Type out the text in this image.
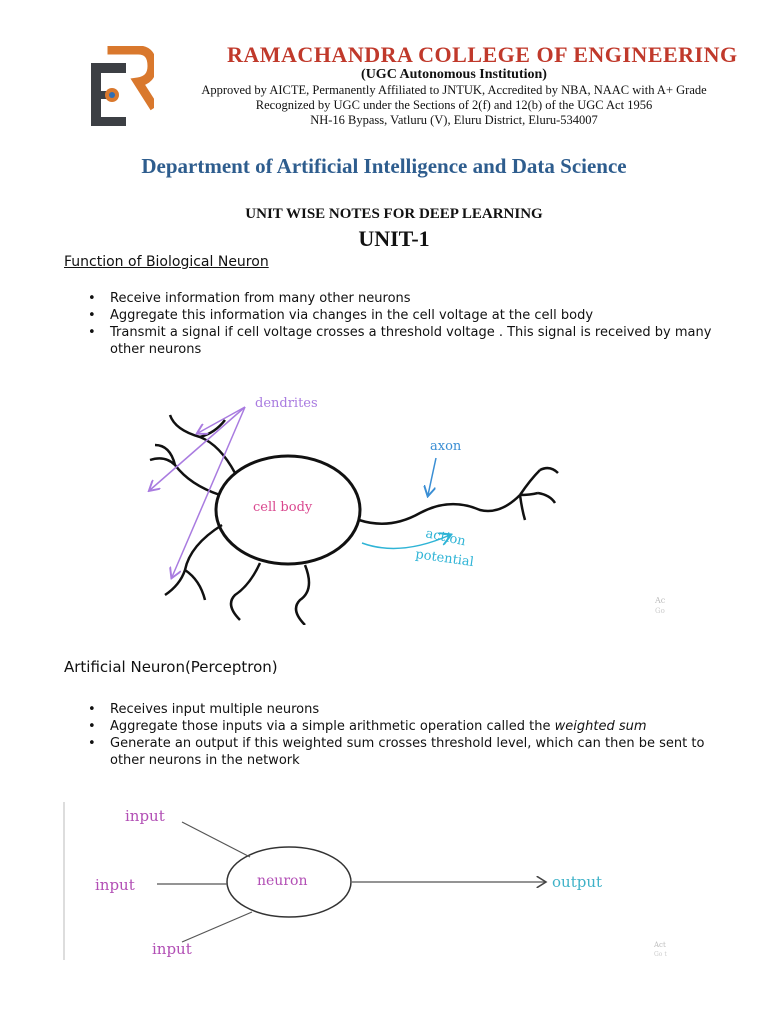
RAMACHANDRA COLLEGE OF ENGINEERING
(UGC Autonomous Institution)
Approved by AICTE, Permanently Affiliated to JNTUK, Accredited by NBA, NAAC with A+ Grade
Recognized by UGC under the Sections of 2(f) and 12(b) of the UGC Act 1956
NH-16 Bypass, Vatluru (V), Eluru District, Eluru-534007
Department of Artificial Intelligence and Data Science
UNIT WISE NOTES FOR DEEP LEARNING
UNIT-1
Function of Biological Neuron
• Receive information from many other neurons
• Aggregate this information via changes in the cell voltage at the cell body
• Transmit a signal if cell voltage crosses a threshold voltage . This signal is received by many other neurons
dendrites
axon
cell body
action
potential
Ac
Go
Artificial Neuron(Perceptron)
• Receives input multiple neurons
• Aggregate those inputs via a simple arithmetic operation called the weighted sum
• Generate an output if this weighted sum crosses threshold level, which can then be sent to other neurons in the network
input
input
input
neuron	output
Act
Go t
